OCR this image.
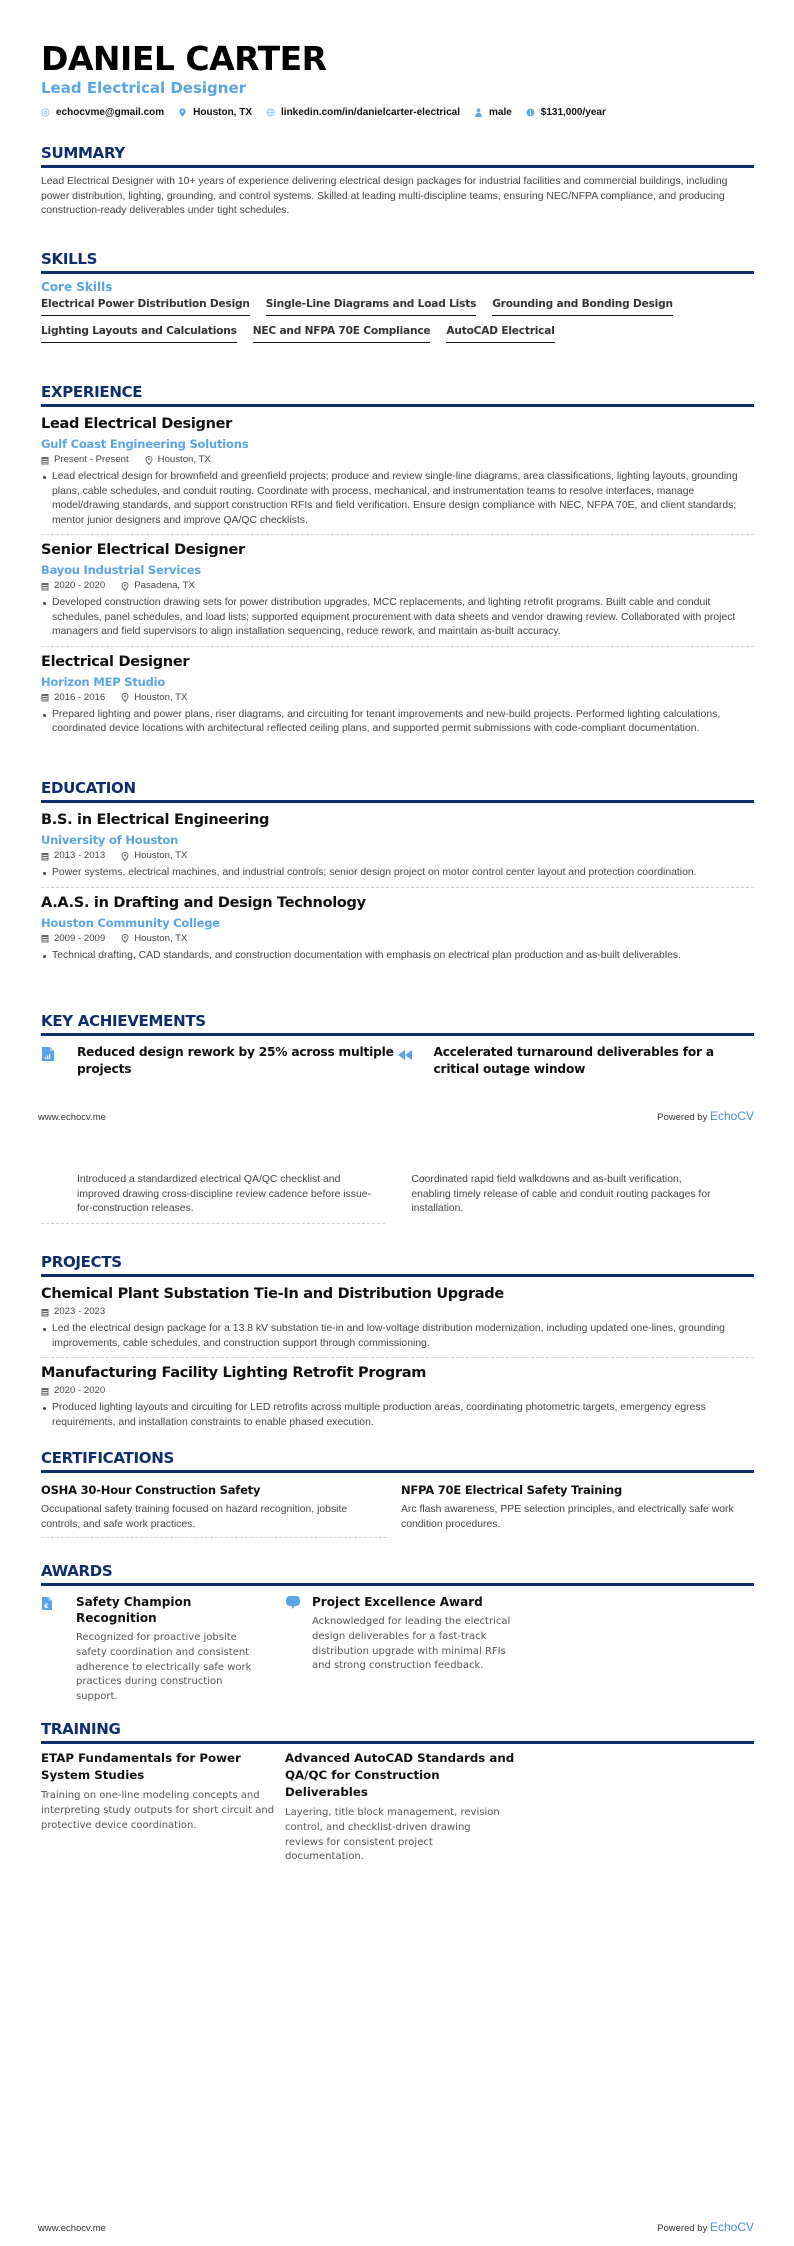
DANIEL CARTER
Lead Electrical Designer
echocvme@gmail.com	Houston, TX	linkedin.com/in/danielcarter-electrical	male	$131,000/year
SUMMARY
Lead Electrical Designer with 10+ years of experience delivering electrical design packages for industrial facilities and commercial buildings, including power distribution, lighting, grounding, and control systems. Skilled at leading multi-discipline teams, ensuring NEC/NFPA compliance, and producing construction-ready deliverables under tight schedules.
SKILLS
Core Skills
Electrical Power Distribution Design Single-Line Diagrams and Load Lists Grounding and Bonding Design
Lighting Layouts and Calculations NEC and NFPA 70E Compliance AutoCAD Electrical
EXPERIENCE
Lead Electrical Designer
Gulf Coast Engineering Solutions
Present - Present	Houston, TX
Lead electrical design for brownfield and greenfield projects; produce and review single-line diagrams, area classifications, lighting layouts, grounding plans, cable schedules, and conduit routing. Coordinate with process, mechanical, and instrumentation teams to resolve interfaces, manage model/drawing standards, and support construction RFIs and field verification. Ensure design compliance with NEC, NFPA 70E, and client standards; mentor junior designers and improve QA/QC checklists.
Senior Electrical Designer
Bayou Industrial Services
2020 - 2020	Pasadena, TX
Developed construction drawing sets for power distribution upgrades, MCC replacements, and lighting retrofit programs. Built cable and conduit schedules, panel schedules, and load lists; supported equipment procurement with data sheets and vendor drawing review. Collaborated with project managers and field supervisors to align installation sequencing, reduce rework, and maintain as-built accuracy.
Electrical Designer
Horizon MEP Studio
2016 - 2016	Houston, TX
Prepared lighting and power plans, riser diagrams, and circuiting for tenant improvements and new-build projects. Performed lighting calculations, coordinated device locations with architectural reflected ceiling plans, and supported permit submissions with code-compliant documentation.
EDUCATION
B.S. in Electrical Engineering
University of Houston
2013 - 2013	Houston, TX
Power systems, electrical machines, and industrial controls; senior design project on motor control center layout and protection coordination.
A.A.S. in Drafting and Design Technology
Houston Community College
2009 - 2009	Houston, TX
Technical drafting, CAD standards, and construction documentation with emphasis on electrical plan production and as-built deliverables.
KEY ACHIEVEMENTS
Reduced design rework by 25% across multiple projects
Accelerated turnaround deliverables for a critical outage window
www.echocv.me	Powered by EchoCV
Introduced a standardized electrical QA/QC checklist and improved drawing cross-discipline review cadence before issue-for-construction releases.
Coordinated rapid field walkdowns and as-built verification, enabling timely release of cable and conduit routing packages for installation.
PROJECTS
Chemical Plant Substation Tie-In and Distribution Upgrade
2023 - 2023
Led the electrical design package for a 13.8 kV substation tie-in and low-voltage distribution modernization, including updated one-lines, grounding improvements, cable schedules, and construction support through commissioning.
Manufacturing Facility Lighting Retrofit Program
2020 - 2020
Produced lighting layouts and circuiting for LED retrofits across multiple production areas, coordinating photometric targets, emergency egress requirements, and installation constraints to enable phased execution.
CERTIFICATIONS
OSHA 30-Hour Construction Safety
Occupational safety training focused on hazard recognition, jobsite controls, and safe work practices.
NFPA 70E Electrical Safety Training
Arc flash awareness, PPE selection principles, and electrically safe work condition procedures.
AWARDS
€ Safety Champion Recognition
Recognized for proactive jobsite safety coordination and consistent adherence to electrically safe work practices during construction support.
Project Excellence Award
Acknowledged for leading the electrical design deliverables for a fast-track distribution upgrade with minimal RFIs and strong construction feedback.
TRAINING
ETAP Fundamentals for Power System Studies
Training on one-line modeling concepts and interpreting study outputs for short circuit and protective device coordination.
Advanced AutoCAD Standards and QA/QC for Construction Deliverables
Layering, title block management, revision control, and checklist-driven drawing reviews for consistent project documentation.
www.echocv.me	Powered by EchoCV
